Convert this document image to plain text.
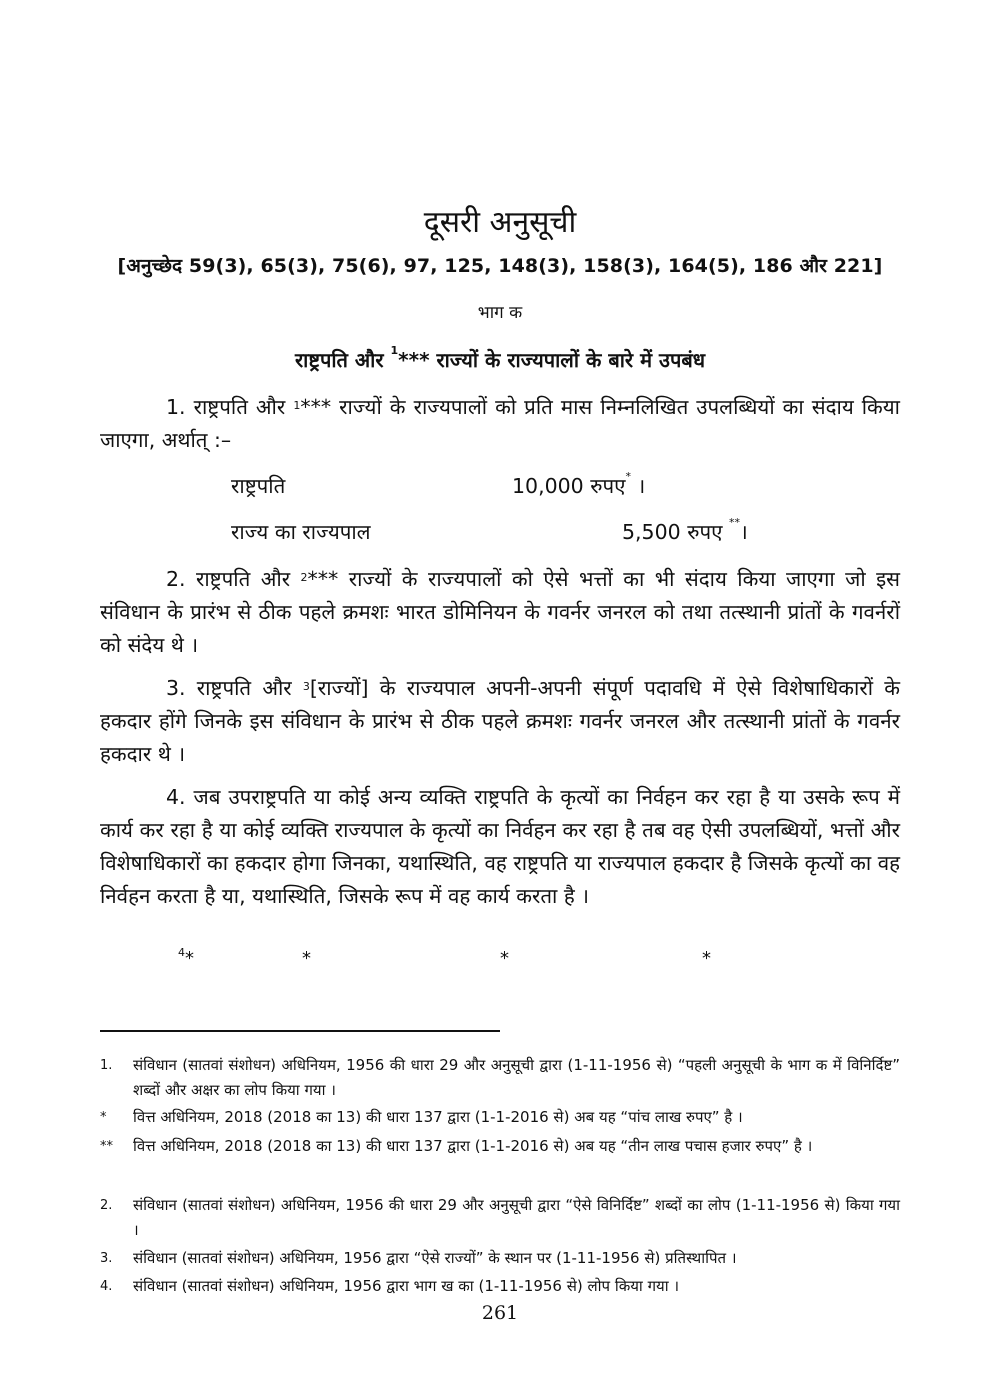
दूसरी अनुसूची
[अनुच्छेद 59(3), 65(3), 75(6), 97, 125, 148(3), 158(3), 164(5), 186 और 221]
भाग क
राष्ट्रपति और $^1$*** राज्यों के राज्यपालों के बारे में उपबंध
1. राष्ट्रपति और $^1$*** राज्यों के राज्यपालों को प्रति मास निम्नलिखित उपलब्धियों का संदाय किया जाएगा, अर्थात् :–
राष्ट्रपति	10,000 रुपए* ।
राज्य का राज्यपाल	5,500 रुपए **।
2. राष्ट्रपति और $^2$*** राज्यों के राज्यपालों को ऐसे भत्तों का भी संदाय किया जाएगा जो इस संविधान के प्रारंभ से ठीक पहले क्रमशः भारत डोमिनियन के गवर्नर जनरल को तथा तत्स्थानी प्रांतों के गवर्नरों को संदेय थे ।
3. राष्ट्रपति और $^3$[राज्यों] के राज्यपाल अपनी-अपनी संपूर्ण पदावधि में ऐसे विशेषाधिकारों के हकदार होंगे जिनके इस संविधान के प्रारंभ से ठीक पहले क्रमशः गवर्नर जनरल और तत्स्थानी प्रांतों के गवर्नर हकदार थे ।
4. जब उपराष्ट्रपति या कोई अन्य व्यक्ति राष्ट्रपति के कृत्यों का निर्वहन कर रहा है या उसके रूप में कार्य कर रहा है या कोई व्यक्ति राज्यपाल के कृत्यों का निर्वहन कर रहा है तब वह ऐसी उपलब्धियों, भत्तों और विशेषाधिकारों का हकदार होगा जिनका, यथास्थिति, वह राष्ट्रपति या राज्यपाल हकदार है जिसके कृत्यों का वह निर्वहन करता है या, यथास्थिति, जिसके रूप में वह कार्य करता है ।
$^4$*	*	*	*
1. संविधान (सातवां संशोधन) अधिनियम, 1956 की धारा 29 और अनुसूची द्वारा (1-11-1956 से) “पहली अनुसूची के भाग क में विनिर्दिष्ट” शब्दों और अक्षर का लोप किया गया ।
* वित्त अधिनियम, 2018 (2018 का 13) की धारा 137 द्वारा (1-1-2016 से) अब यह “पांच लाख रुपए” है ।
** वित्त अधिनियम, 2018 (2018 का 13) की धारा 137 द्वारा (1-1-2016 से) अब यह “तीन लाख पचास हजार रुपए” है ।
2. संविधान (सातवां संशोधन) अधिनियम, 1956 की धारा 29 और अनुसूची द्वारा “ऐसे विनिर्दिष्ट” शब्दों का लोप (1-11-1956 से) किया गया ।
3. संविधान (सातवां संशोधन) अधिनियम, 1956 द्वारा “ऐसे राज्यों” के स्थान पर (1-11-1956 से) प्रतिस्थापित ।
4. संविधान (सातवां संशोधन) अधिनियम, 1956 द्वारा भाग ख का (1-11-1956 से) लोप किया गया ।
261
